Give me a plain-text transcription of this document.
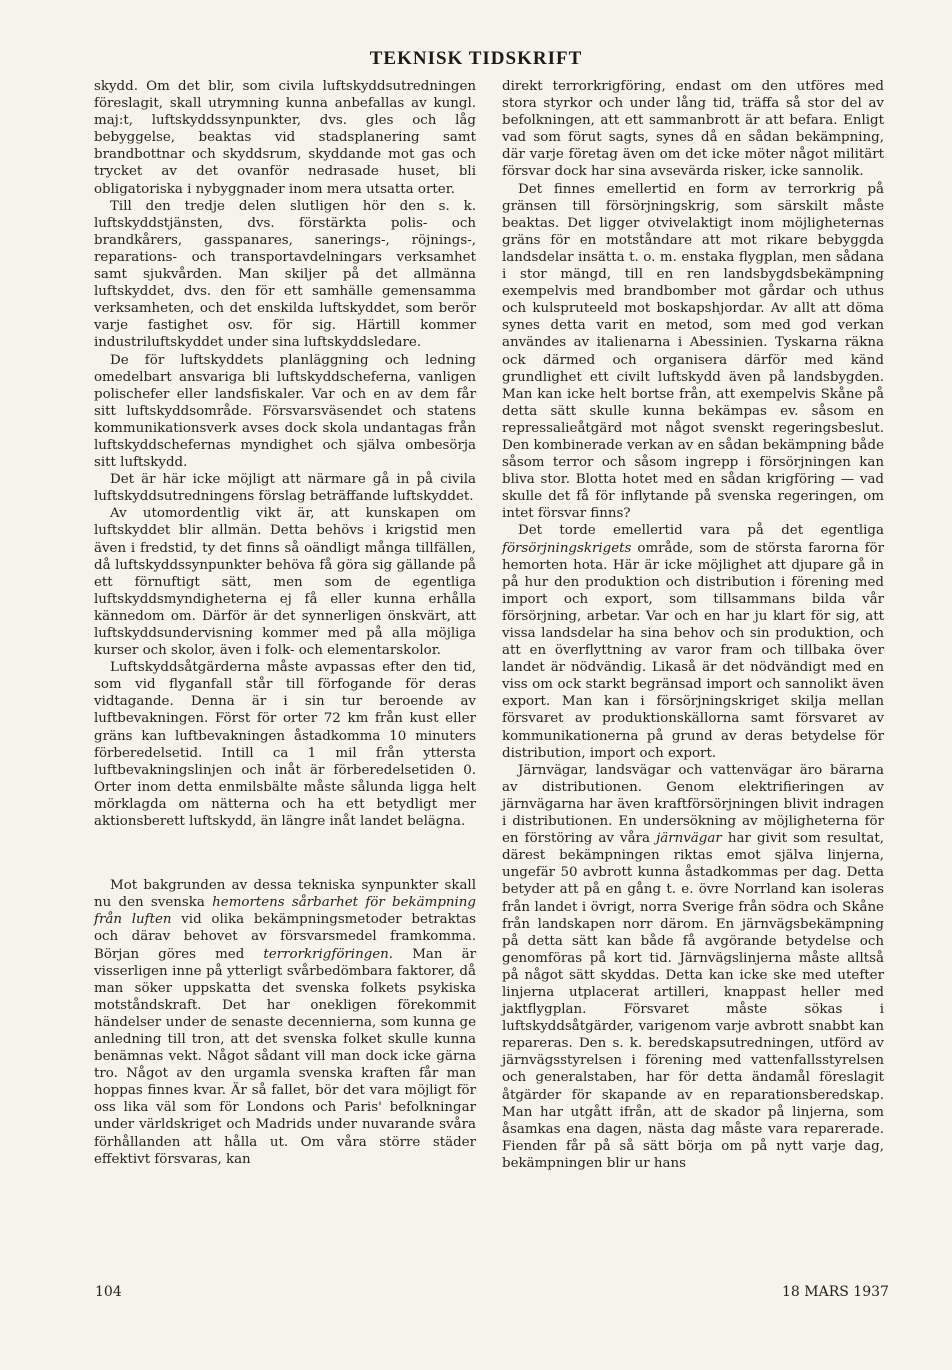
TEKNISK TIDSKRIFT

skydd. Om det blir, som civila luftskyddsutredningen föreslagit, skall utrymning kunna anbefallas av kungl. maj:t, luftskyddssynpunkter, dvs. gles och låg bebyggelse, beaktas vid stadsplanering samt brandbottnar och skyddsrum, skyddande mot gas och trycket av det ovanför nedrasade huset, bli obligatoriska i nybyggnader inom mera utsatta orter.

Till den tredje delen slutligen hör den s. k. luftskyddstjänsten, dvs. förstärkta polis- och brandkårers, gasspanares, sanerings-, röjnings-, reparations- och transportavdelningars verksamhet samt sjukvården. Man skiljer på det allmänna luftskyddet, dvs. den för ett samhälle gemensamma verksamheten, och det enskilda luftskyddet, som berör varje fastighet osv. för sig. Härtill kommer industriluftskyddet under sina luftskyddsledare.

De för luftskyddets planläggning och ledning omedelbart ansvariga bli luftskyddscheferna, vanligen polischefer eller landsfiskaler. Var och en av dem får sitt luftskyddsområde. Försvarsväsendet och statens kommunikationsverk avses dock skola undantagas från luftskyddschefernas myndighet och själva ombesörja sitt luftskydd.

Det är här icke möjligt att närmare gå in på civila luftskyddsutredningens förslag beträffande luftskyddet.

Av utomordentlig vikt är, att kunskapen om luftskyddet blir allmän. Detta behövs i krigstid men även i fredstid, ty det finns så oändligt många tillfällen, då luftskyddssynpunkter behöva få göra sig gällande på ett förnuftigt sätt, men som de egentliga luftskyddsmyndigheterna ej få eller kunna erhålla kännedom om. Därför är det synnerligen önskvärt, att luftskyddsundervisning kommer med på alla möjliga kurser och skolor, även i folk- och elementarskolor.

Luftskyddsåtgärderna måste avpassas efter den tid, som vid flyganfall står till förfogande för deras vidtagande. Denna är i sin tur beroende av luftbevakningen. Först för orter 72 km från kust eller gräns kan luftbevakningen åstadkomma 10 minuters förberedelsetid. Intill ca 1 mil från yttersta luftbevakningslinjen och inåt är förberedelsetiden 0. Orter inom detta enmilsbälte måste sålunda ligga helt mörklagda om nätterna och ha ett betydligt mer aktionsberett luftskydd, än längre inåt landet belägna.

Mot bakgrunden av dessa tekniska synpunkter skall nu den svenska hemortens sårbarhet för bekämpning från luften vid olika bekämpningsmetoder betraktas och därav behovet av försvarsmedel framkomma. Början göres med terrorkrigföringen. Man är visserligen inne på ytterligt svårbedömbara faktorer, då man söker uppskatta det svenska folkets psykiska motståndskraft. Det har onekligen förekommit händelser under de senaste decennierna, som kunna ge anledning till tron, att det svenska folket skulle kunna benämnas vekt. Något sådant vill man dock icke gärna tro. Något av den urgamla svenska kraften får man hoppas finnes kvar. Är så fallet, bör det vara möjligt för oss lika väl som för Londons och Paris' befolkningar under världskriget och Madrids under nuvarande svåra förhållanden att hålla ut. Om våra större städer effektivt försvaras, kan

direkt terrorkrigföring, endast om den utföres med stora styrkor och under lång tid, träffa så stor del av befolkningen, att ett sammanbrott är att befara. Enligt vad som förut sagts, synes då en sådan bekämpning, där varje företag även om det icke möter något militärt försvar dock har sina avsevärda risker, icke sannolik.

Det finnes emellertid en form av terrorkrig på gränsen till försörjningskrig, som särskilt måste beaktas. Det ligger otvivelaktigt inom möjligheternas gräns för en motståndare att mot rikare bebyggda landsdelar insätta t. o. m. enstaka flygplan, men sådana i stor mängd, till en ren landsbygdsbekämpning exempelvis med brandbomber mot gårdar och uthus och kulspruteeld mot boskapshjordar. Av allt att döma synes detta varit en metod, som med god verkan användes av italienarna i Abessinien. Tyskarna räkna ock därmed och organisera därför med känd grundlighet ett civilt luftskydd även på landsbygden. Man kan icke helt bortse från, att exempelvis Skåne på detta sätt skulle kunna bekämpas ev. såsom en repressalieåtgärd mot något svenskt regeringsbeslut. Den kombinerade verkan av en sådan bekämpning både såsom terror och såsom ingrepp i försörjningen kan bliva stor. Blotta hotet med en sådan krigföring — vad skulle det få för inflytande på svenska regeringen, om intet försvar finns?

Det torde emellertid vara på det egentliga försörjningskrigets område, som de största farorna för hemorten hota. Här är icke möjlighet att djupare gå in på hur den produktion och distribution i förening med import och export, som tillsammans bilda vår försörjning, arbetar. Var och en har ju klart för sig, att vissa landsdelar ha sina behov och sin produktion, och att en överflyttning av varor fram och tillbaka över landet är nödvändig. Likaså är det nödvändigt med en viss om ock starkt begränsad import och sannolikt även export. Man kan i försörjningskriget skilja mellan försvaret av produktionskällorna samt försvaret av kommunikationerna på grund av deras betydelse för distribution, import och export.

Järnvägar, landsvägar och vattenvägar äro bärarna av distributionen. Genom elektrifieringen av järnvägarna har även kraftförsörjningen blivit indragen i distributionen. En undersökning av möjligheterna för en förstöring av våra järnvägar har givit som resultat, därest bekämpningen riktas emot själva linjerna, ungefär 50 avbrott kunna åstadkommas per dag. Detta betyder att på en gång t. e. övre Norrland kan isoleras från landet i övrigt, norra Sverige från södra och Skåne från landskapen norr därom. En järnvägsbekämpning på detta sätt kan både få avgörande betydelse och genomföras på kort tid. Järnvägslinjerna måste alltså på något sätt skyddas. Detta kan icke ske med utefter linjerna utplacerat artilleri, knappast heller med jaktflygplan. Försvaret måste sökas i luftskyddsåtgärder, varigenom varje avbrott snabbt kan repareras. Den s. k. beredskapsutredningen, utförd av järnvägsstyrelsen i förening med vattenfallsstyrelsen och generalstaben, har för detta ändamål föreslagit åtgärder för skapande av en reparationsberedskap. Man har utgått ifrån, att de skador på linjerna, som åsamkas ena dagen, nästa dag måste vara reparerade. Fienden får på så sätt börja om på nytt varje dag, bekämpningen blir ur hans

104	18 MARS 1937
